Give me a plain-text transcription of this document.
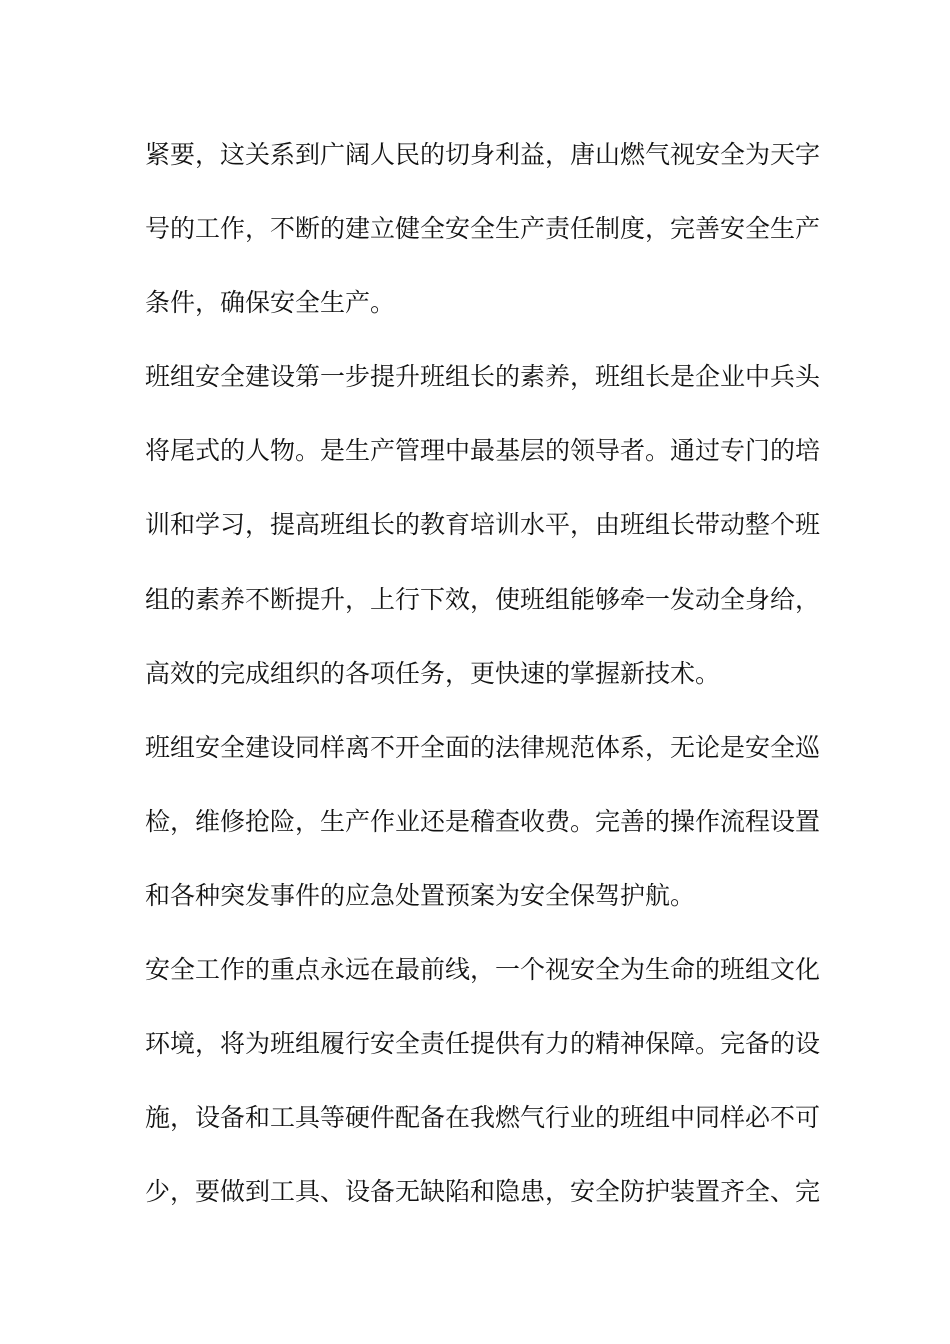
紧要，这关系到广阔人民的切身利益，唐山燃气视安全为天字
号的工作，不断的建立健全安全生产责任制度，完善安全生产
条件，确保安全生产。
班组安全建设第一步提升班组长的素养，班组长是企业中兵头
将尾式的人物。是生产管理中最基层的领导者。通过专门的培
训和学习，提高班组长的教育培训水平，由班组长带动整个班
组的素养不断提升，上行下效，使班组能够牵一发动全身给，
高效的完成组织的各项任务，更快速的掌握新技术。
班组安全建设同样离不开全面的法律规范体系，无论是安全巡
检，维修抢险，生产作业还是稽查收费。完善的操作流程设置
和各种突发事件的应急处置预案为安全保驾护航。
安全工作的重点永远在最前线，一个视安全为生命的班组文化
环境，将为班组履行安全责任提供有力的精神保障。完备的设
施，设备和工具等硬件配备在我燃气行业的班组中同样必不可
少，要做到工具、设备无缺陷和隐患，安全防护装置齐全、完
